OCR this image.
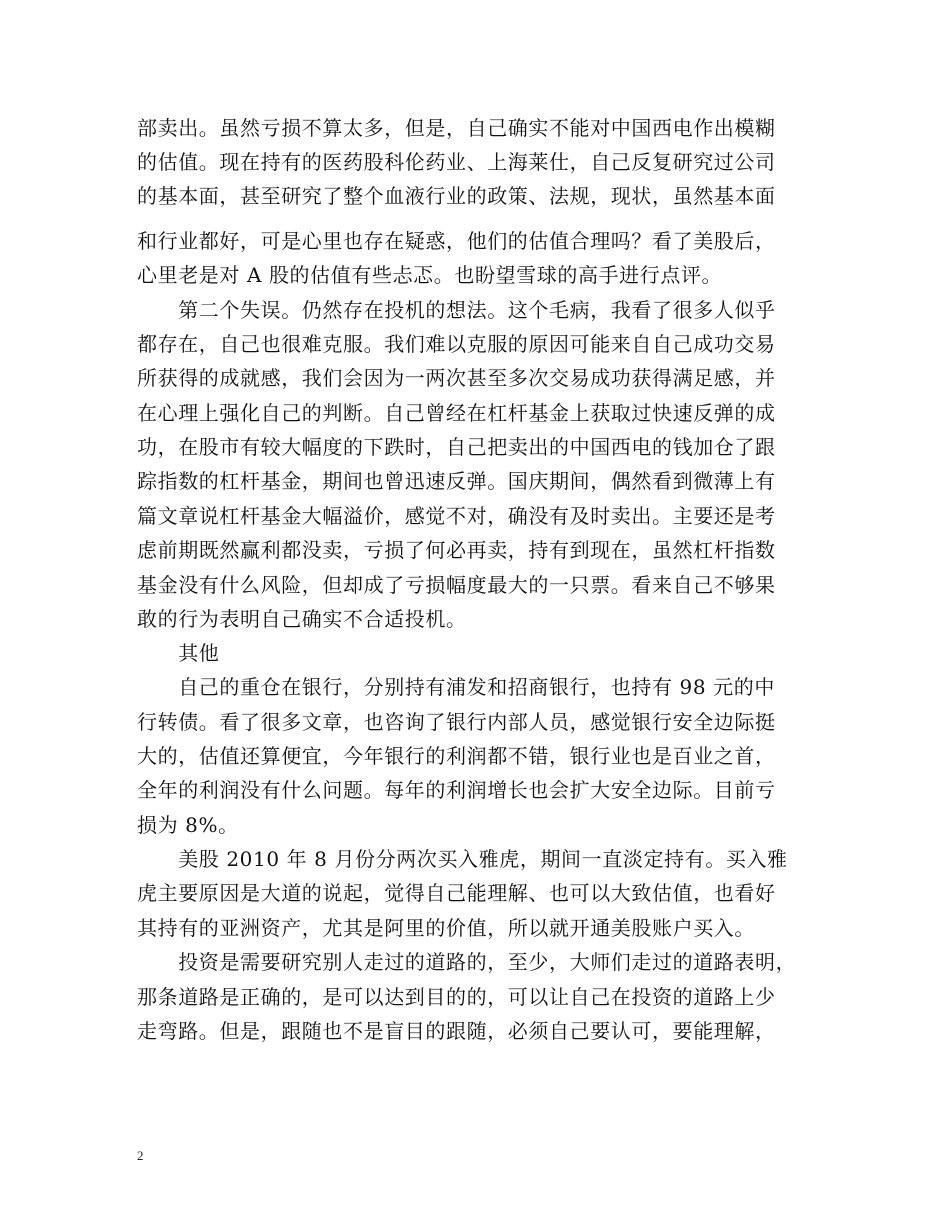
部卖出。虽然亏损不算太多，但是，自己确实不能对中国西电作出模糊
的估值。现在持有的医药股科伦药业、上海莱仕，自己反复研究过公司
的基本面，甚至研究了整个血液行业的政策、法规，现状，虽然基本面
和行业都好，可是心里也存在疑惑，他们的估值合理吗？看了美股后，
心里老是对 A 股的估值有些忐忑。也盼望雪球的高手进行点评。
　　第二个失误。仍然存在投机的想法。这个毛病，我看了很多人似乎
都存在，自己也很难克服。我们难以克服的原因可能来自自己成功交易
所获得的成就感，我们会因为一两次甚至多次交易成功获得满足感，并
在心理上强化自己的判断。自己曾经在杠杆基金上获取过快速反弹的成
功，在股市有较大幅度的下跌时，自己把卖出的中国西电的钱加仓了跟
踪指数的杠杆基金，期间也曾迅速反弹。国庆期间，偶然看到微薄上有
篇文章说杠杆基金大幅溢价，感觉不对，确没有及时卖出。主要还是考
虑前期既然赢利都没卖，亏损了何必再卖，持有到现在，虽然杠杆指数
基金没有什么风险，但却成了亏损幅度最大的一只票。看来自己不够果
敢的行为表明自己确实不合适投机。
　　其他
　　自己的重仓在银行，分别持有浦发和招商银行，也持有 98 元的中
行转债。看了很多文章，也咨询了银行内部人员，感觉银行安全边际挺
大的，估值还算便宜，今年银行的利润都不错，银行业也是百业之首，
全年的利润没有什么问题。每年的利润增长也会扩大安全边际。目前亏
损为 8%。
　　美股 2010 年 8 月份分两次买入雅虎，期间一直淡定持有。买入雅
虎主要原因是大道的说起，觉得自己能理解、也可以大致估值，也看好
其持有的亚洲资产，尤其是阿里的价值，所以就开通美股账户买入。
　　投资是需要研究别人走过的道路的，至少，大师们走过的道路表明，
那条道路是正确的，是可以达到目的的，可以让自己在投资的道路上少
走弯路。但是，跟随也不是盲目的跟随，必须自己要认可，要能理解，
2
